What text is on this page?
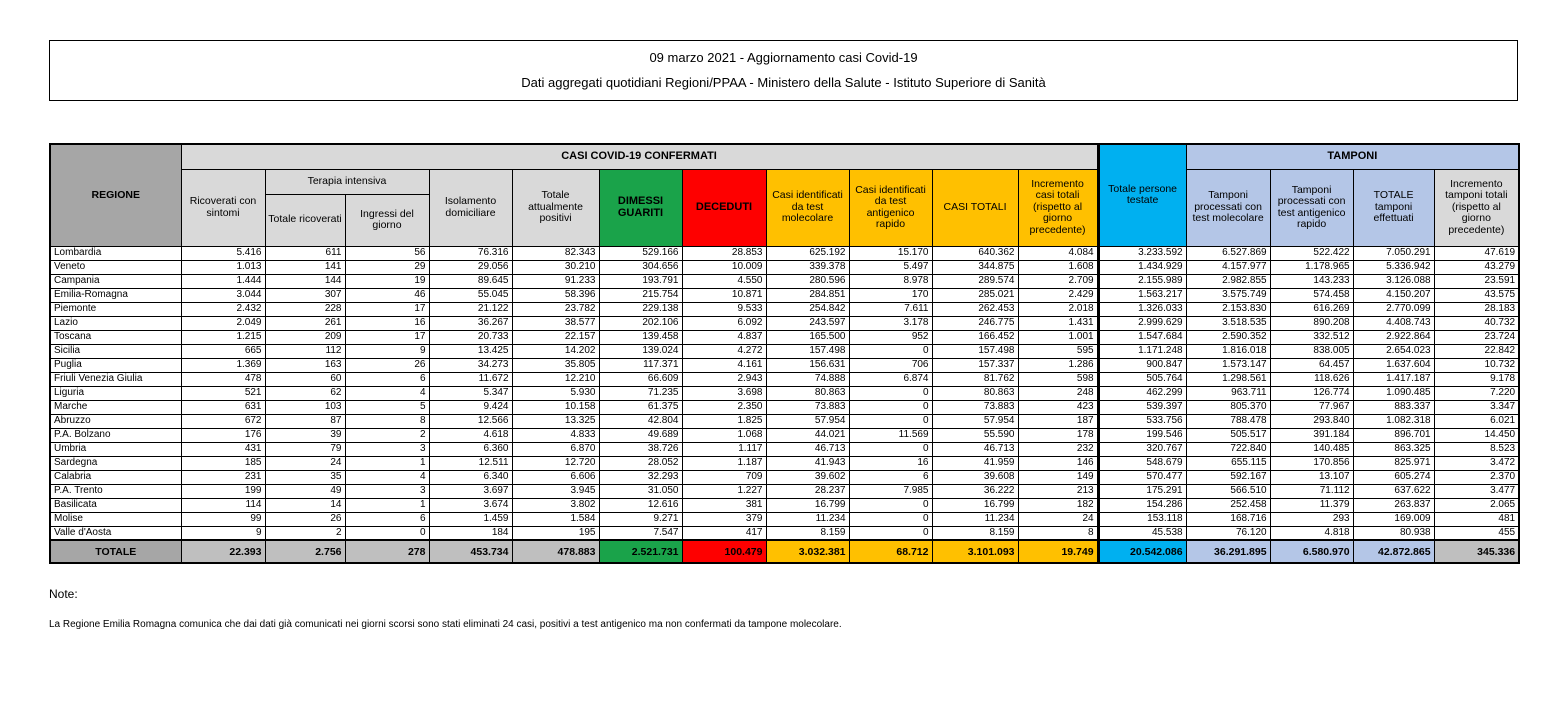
09 marzo 2021 - Aggiornamento casi Covid-19
Dati aggregati quotidiani Regioni/PPAA - Ministero della Salute - Istituto Superiore di Sanità
REGIONE	CASI COVID-19 CONFERMATI											Totale persone testate	TAMPONI			
	Ricoverati con sintomi	Terapia intensiva		Isolamento domiciliare	Totale attualmente positivi	DIMESSI GUARITI	DECEDUTI	Casi identificati da test molecolare	Casi identificati da test antigenico rapido	CASI TOTALI	Incremento casi totali (rispetto al giorno precedente)		Tamponi processati con test molecolare	Tamponi processati con test antigenico rapido	TOTALE tamponi effettuati	Incremento tamponi totali (rispetto al giorno precedente)
		Totale ricoverati	Ingressi del giorno													
Lombardia	5.416	611	56	76.316	82.343	529.166	28.853	625.192	15.170	640.362	4.084	3.233.592	6.527.869	522.422	7.050.291	47.619
Veneto	1.013	141	29	29.056	30.210	304.656	10.009	339.378	5.497	344.875	1.608	1.434.929	4.157.977	1.178.965	5.336.942	43.279
Campania	1.444	144	19	89.645	91.233	193.791	4.550	280.596	8.978	289.574	2.709	2.155.989	2.982.855	143.233	3.126.088	23.591
Emilia-Romagna	3.044	307	46	55.045	58.396	215.754	10.871	284.851	170	285.021	2.429	1.563.217	3.575.749	574.458	4.150.207	43.575
Piemonte	2.432	228	17	21.122	23.782	229.138	9.533	254.842	7.611	262.453	2.018	1.326.033	2.153.830	616.269	2.770.099	28.183
Lazio	2.049	261	16	36.267	38.577	202.106	6.092	243.597	3.178	246.775	1.431	2.999.629	3.518.535	890.208	4.408.743	40.732
Toscana	1.215	209	17	20.733	22.157	139.458	4.837	165.500	952	166.452	1.001	1.547.684	2.590.352	332.512	2.922.864	23.724
Sicilia	665	112	9	13.425	14.202	139.024	4.272	157.498	0	157.498	595	1.171.248	1.816.018	838.005	2.654.023	22.842
Puglia	1.369	163	26	34.273	35.805	117.371	4.161	156.631	706	157.337	1.286	900.847	1.573.147	64.457	1.637.604	10.732
Friuli Venezia Giulia	478	60	6	11.672	12.210	66.609	2.943	74.888	6.874	81.762	598	505.764	1.298.561	118.626	1.417.187	9.178
Liguria	521	62	4	5.347	5.930	71.235	3.698	80.863	0	80.863	248	462.299	963.711	126.774	1.090.485	7.220
Marche	631	103	5	9.424	10.158	61.375	2.350	73.883	0	73.883	423	539.397	805.370	77.967	883.337	3.347
Abruzzo	672	87	8	12.566	13.325	42.804	1.825	57.954	0	57.954	187	533.756	788.478	293.840	1.082.318	6.021
P.A. Bolzano	176	39	2	4.618	4.833	49.689	1.068	44.021	11.569	55.590	178	199.546	505.517	391.184	896.701	14.450
Umbria	431	79	3	6.360	6.870	38.726	1.117	46.713	0	46.713	232	320.767	722.840	140.485	863.325	8.523
Sardegna	185	24	1	12.511	12.720	28.052	1.187	41.943	16	41.959	146	548.679	655.115	170.856	825.971	3.472
Calabria	231	35	4	6.340	6.606	32.293	709	39.602	6	39.608	149	570.477	592.167	13.107	605.274	2.370
P.A. Trento	199	49	3	3.697	3.945	31.050	1.227	28.237	7.985	36.222	213	175.291	566.510	71.112	637.622	3.477
Basilicata	114	14	1	3.674	3.802	12.616	381	16.799	0	16.799	182	154.286	252.458	11.379	263.837	2.065
Molise	99	26	6	1.459	1.584	9.271	379	11.234	0	11.234	24	153.118	168.716	293	169.009	481
Valle d'Aosta	9	2	0	184	195	7.547	417	8.159	0	8.159	8	45.538	76.120	4.818	80.938	455
TOTALE	22.393	2.756	278	453.734	478.883	2.521.731	100.479	3.032.381	68.712	3.101.093	19.749	20.542.086	36.291.895	6.580.970	42.872.865	345.336
Note:
La Regione Emilia Romagna comunica che dai dati già comunicati nei giorni scorsi sono stati eliminati 24 casi, positivi a test antigenico ma non confermati da tampone molecolare.
